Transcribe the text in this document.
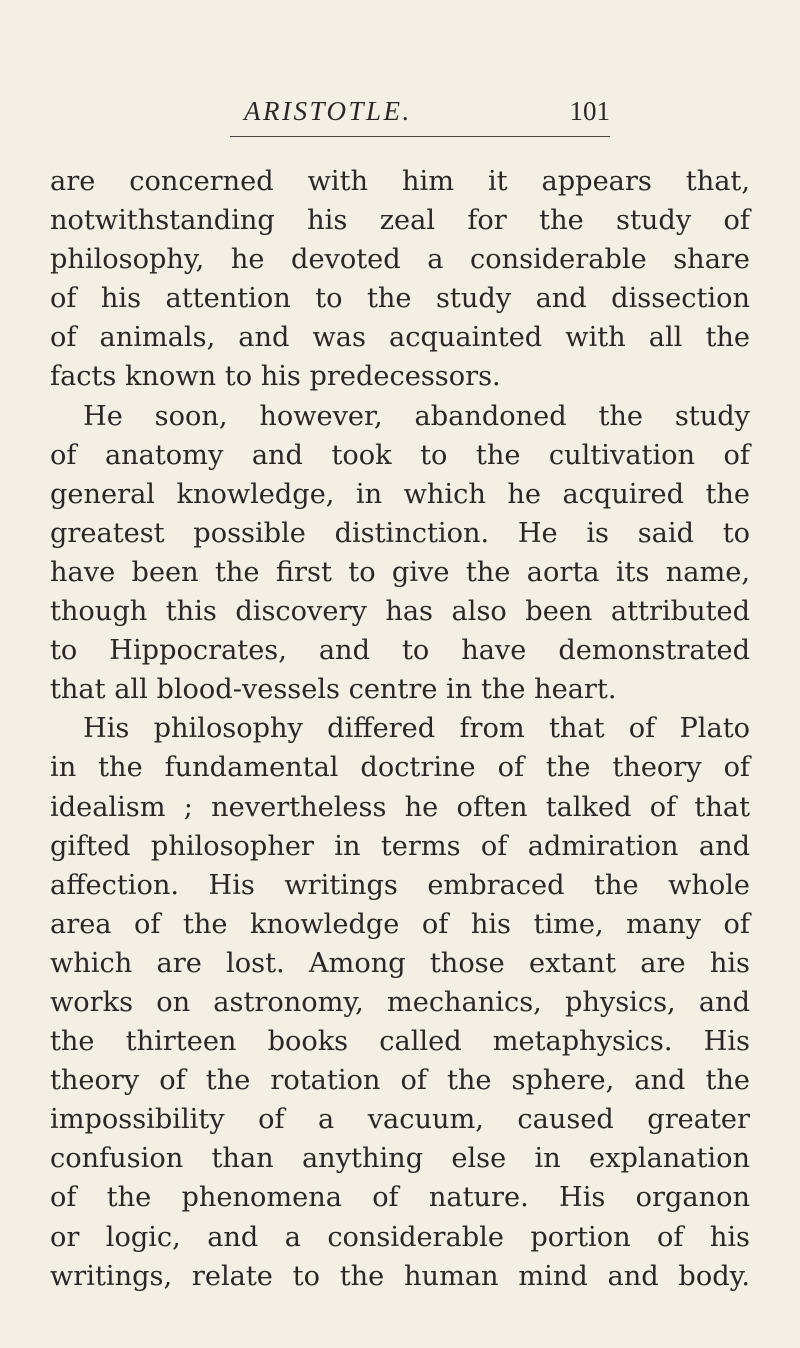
ARISTOTLE.	101
are concerned with him it appears that,
notwithstanding his zeal for the study of
philosophy, he devoted a considerable share
of his attention to the study and dissection
of animals, and was acquainted with all the
facts known to his predecessors.
He soon, however, abandoned the study
of anatomy and took to the cultivation of
general knowledge, in which he acquired the
greatest possible distinction. He is said to
have been the first to give the aorta its name,
though this discovery has also been attributed
to Hippocrates, and to have demonstrated
that all blood-vessels centre in the heart.
His philosophy differed from that of Plato
in the fundamental doctrine of the theory of
idealism ; nevertheless he often talked of that
gifted philosopher in terms of admiration and
affection. His writings embraced the whole
area of the knowledge of his time, many of
which are lost. Among those extant are his
works on astronomy, mechanics, physics, and
the thirteen books called metaphysics. His
theory of the rotation of the sphere, and the
impossibility of a vacuum, caused greater
confusion than anything else in explanation
of the phenomena of nature. His organon
or logic, and a considerable portion of his
writings, relate to the human mind and body.
